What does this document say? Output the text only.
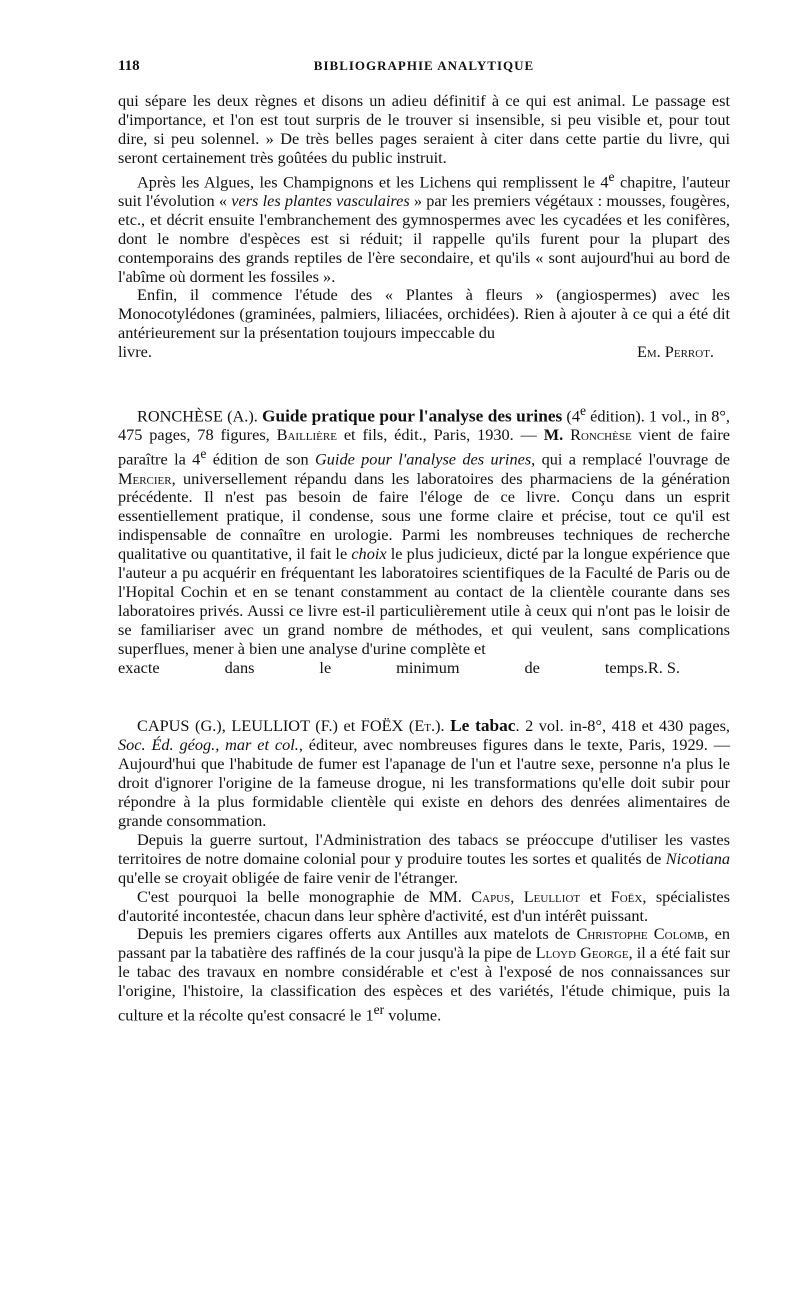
118	BIBLIOGRAPHIE ANALYTIQUE

qui sépare les deux règnes et disons un adieu définitif à ce qui est animal. Le passage est d'importance, et l'on est tout surpris de le trouver si insensible, si peu visible et, pour tout dire, si peu solennel. » De très belles pages seraient à citer dans cette partie du livre, qui seront certainement très goûtées du public instruit.

Après les Algues, les Champignons et les Lichens qui remplissent le 4e chapitre, l'auteur suit l'évolution « vers les plantes vasculaires » par les premiers végétaux : mousses, fougères, etc., et décrit ensuite l'embranchement des gymnospermes avec les cycadées et les conifères, dont le nombre d'espèces est si réduit; il rappelle qu'ils furent pour la plupart des contemporains des grands reptiles de l'ère secondaire, et qu'ils « sont aujourd'hui au bord de l'abîme où dorment les fossiles ».

Enfin, il commence l'étude des « Plantes à fleurs » (angiospermes) avec les Monocotylédones (graminées, palmiers, liliacées, orchidées). Rien à ajouter à ce qui a été dit antérieurement sur la présentation toujours impeccable du

livre.	Em. Perrot.

RONCHÈSE (A.). Guide pratique pour l'analyse des urines (4e édition). 1 vol., in 8°, 475 pages, 78 figures, Baillière et fils, édit., Paris, 1930. — M. Ronchèse vient de faire paraître la 4e édition de son Guide pour l'analyse des urines, qui a remplacé l'ouvrage de Mercier, universellement répandu dans les laboratoires des pharmaciens de la génération précédente. Il n'est pas besoin de faire l'éloge de ce livre. Conçu dans un esprit essentiellement pratique, il condense, sous une forme claire et précise, tout ce qu'il est indispensable de connaître en urologie. Parmi les nombreuses techniques de recherche qualitative ou quantitative, il fait le choix le plus judicieux, dicté par la longue expérience que l'auteur a pu acquérir en fréquentant les laboratoires scientifiques de la Faculté de Paris ou de l'Hopital Cochin et en se tenant constamment au contact de la clientèle courante dans ses laboratoires privés. Aussi ce livre est-il particulièrement utile à ceux qui n'ont pas le loisir de se familiariser avec un grand nombre de méthodes, et qui veulent, sans complications superflues, mener à bien une analyse d'urine complète et

exacte dans le minimum de temps. R. S.

CAPUS (G.), LEULLIOT (F.) et FOËX (Et.). Le tabac. 2 vol. in-8°, 418 et 430 pages, Soc. Éd. géog., mar et col., éditeur, avec nombreuses figures dans le texte, Paris, 1929. — Aujourd'hui que l'habitude de fumer est l'apanage de l'un et l'autre sexe, personne n'a plus le droit d'ignorer l'origine de la fameuse drogue, ni les transformations qu'elle doit subir pour répondre à la plus formidable clientèle qui existe en dehors des denrées alimentaires de grande consommation.

Depuis la guerre surtout, l'Administration des tabacs se préoccupe d'utiliser les vastes territoires de notre domaine colonial pour y produire toutes les sortes et qualités de Nicotiana qu'elle se croyait obligée de faire venir de l'étranger.

C'est pourquoi la belle monographie de MM. Capus, Leulliot et Foëx, spécialistes d'autorité incontestée, chacun dans leur sphère d'activité, est d'un intérêt puissant.

Depuis les premiers cigares offerts aux Antilles aux matelots de Christophe Colomb, en passant par la tabatière des raffinés de la cour jusqu'à la pipe de Lloyd George, il a été fait sur le tabac des travaux en nombre considérable et c'est à l'exposé de nos connaissances sur l'origine, l'histoire, la classification des espèces et des variétés, l'étude chimique, puis la culture et la récolte qu'est consacré le 1er volume.
